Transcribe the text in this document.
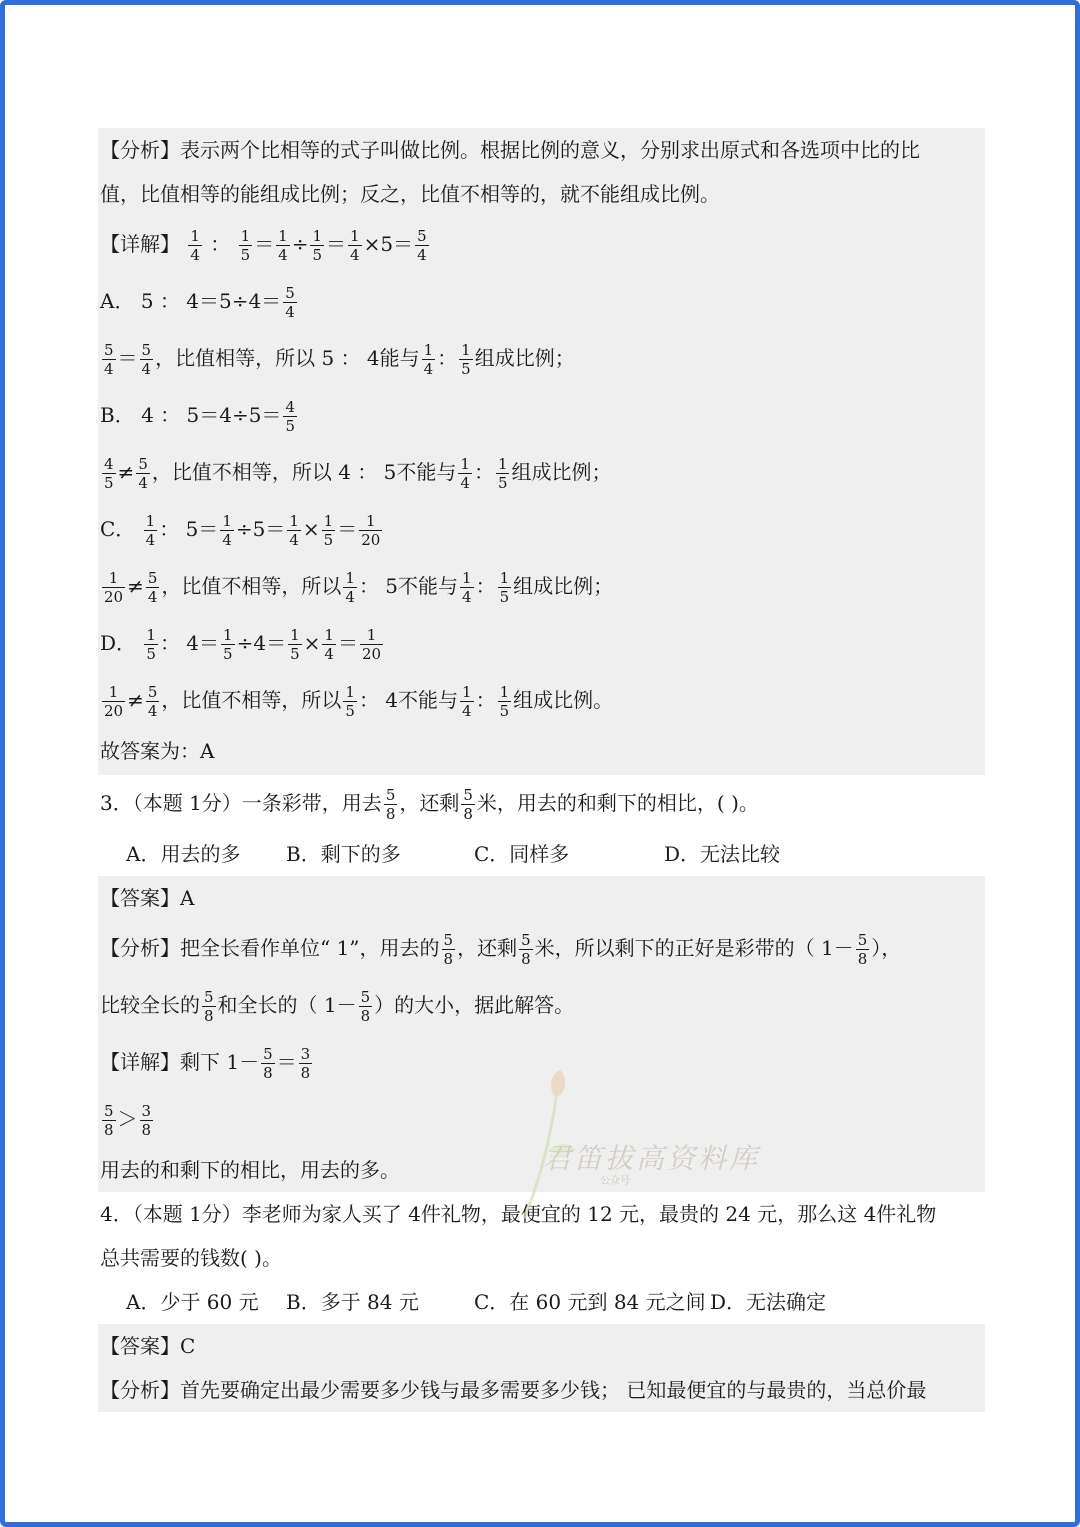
【分析】表示两个比相等的式子叫做比例。根据比例的意义，分别求出原式和各选项中比的比
值，比值相等的能组成比例；反之，比值不相等的，就不能组成比例。
【详解】 $\frac{1}{4}$ ： $\frac{1}{5} = \frac{1}{4} \div \frac{1}{5} = \frac{1}{4} \times 5= \frac{5}{4}$
A． 5 ： $4=5\div 4= \frac{5}{4}$
$\frac{5}{4} = \frac{5}{4}$ ，比值相等，所以 5 ： 4能与 $\frac{1}{4}$ ： $\frac{1}{5}$ 组成比例；
B． 4 ： $5=4\div 5= \frac{4}{5}$
$\frac{4}{5} \ne \frac{5}{4}$ ，比值不相等，所以 4 ： 5不能与 $\frac{1}{4}$ ： $\frac{1}{5}$ 组成比例；
C． $\frac{1}{4}$ ： $5= \frac{1}{4} \div 5= \frac{1}{4} \times \frac{1}{5} = \frac{1}{20}$
$\frac{1}{20} \ne \frac{5}{4}$ ，比值不相等，所以 $\frac{1}{4}$ ： 5不能与 $\frac{1}{4}$ ： $\frac{1}{5}$ 组成比例；
D． $\frac{1}{5}$ ： $4= \frac{1}{5} \div 4= \frac{1}{5} \times \frac{1}{4} = \frac{1}{20}$
$\frac{1}{20} \ne \frac{5}{4}$ ，比值不相等，所以 $\frac{1}{5}$ ： 4不能与 $\frac{1}{4}$ ： $\frac{1}{5}$ 组成比例。
故答案为：A
3．（本题 1分）一条彩带，用去 $\frac{5}{8}$ ，还剩 $\frac{5}{8}$ 米，用去的和剩下的相比，( )。
A．用去的多 B．剩下的多	C．同样多	D．无法比较
【答案】A
【分析】把全长看作单位“ 1”，用去的 $\frac{5}{8}$ ，还剩 $\frac{5}{8}$ 米，所以剩下的正好是彩带的（ $1- \frac{5}{8}$ ），
比较全长的 $\frac{5}{8}$ 和全长的（ $1- \frac{5}{8}$ ）的大小，据此解答。
【详解】剩下 $1- \frac{5}{8} = \frac{3}{8}$
$\frac{5}{8} > \frac{3}{8}$
用去的和剩下的相比，用去的多。
4．（本题 1分）李老师为家人买了 4件礼物，最便宜的 12 元，最贵的 24 元，那么这 4件礼物
总共需要的钱数( )。
A．少于 60 元 B．多于 84 元	C．在 60 元到 84 元之间 D．无法确定
【答案】C
【分析】首先要确定出最少需要多少钱与最多需要多少钱； 已知最便宜的与最贵的，当总价最
君笛拔高资料库
公众号
